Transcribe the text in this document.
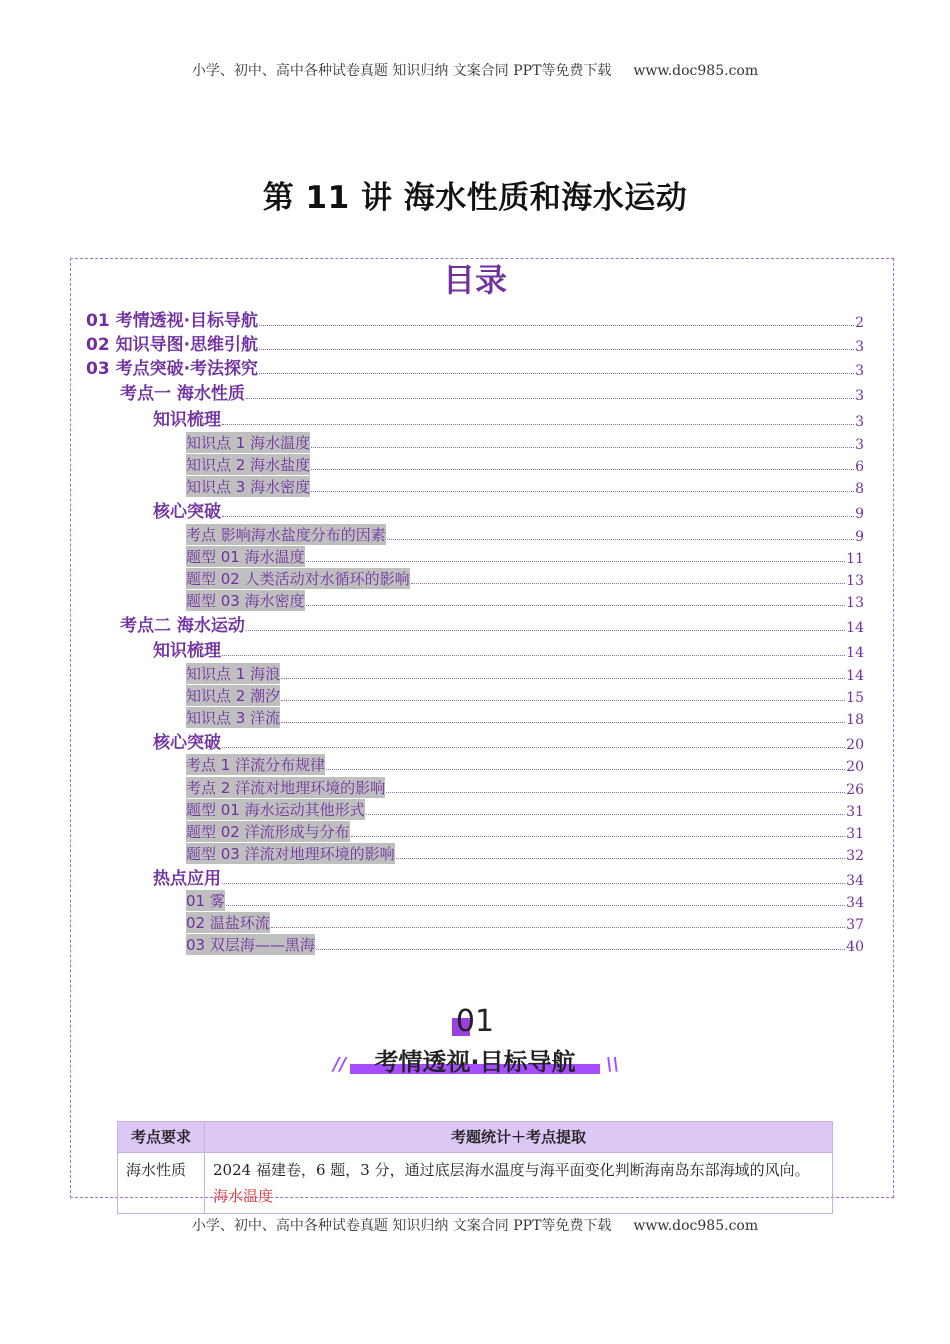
小学、初中、高中各种试卷真题 知识归纳 文案合同 PPT等免费下载 www.doc985.com
第 11 讲 海水性质和海水运动
目录
01 考情透视·目标导航	2
02 知识导图·思维引航	3
03 考点突破·考法探究	3
考点一 海水性质	3
知识梳理	3
知识点 1 海水温度	3
知识点 2 海水盐度	6
知识点 3 海水密度	8
核心突破	9
考点 影响海水盐度分布的因素	9
题型 01 海水温度	11
题型 02 人类活动对水循环的影响	13
题型 03 海水密度	13
考点二 海水运动	14
知识梳理	14
知识点 1 海浪	14
知识点 2 潮汐	15
知识点 3 洋流	18
核心突破	20
考点 1 洋流分布规律	20
考点 2 洋流对地理环境的影响	26
题型 01 海水运动其他形式	31
题型 02 洋流形成与分布	31
题型 03 洋流对地理环境的影响	32
热点应用	34
01 雾	34
02 温盐环流	37
03 双层海——黑海	40
01
考情透视·目标导航
//	\\
考点要求	考题统计＋考点提取
海水性质	2024 福建卷，6 题，3 分，通过底层海水温度与海平面变化判断海南岛东部海域的风向。海水温度
小学、初中、高中各种试卷真题 知识归纳 文案合同 PPT等免费下载 www.doc985.com
